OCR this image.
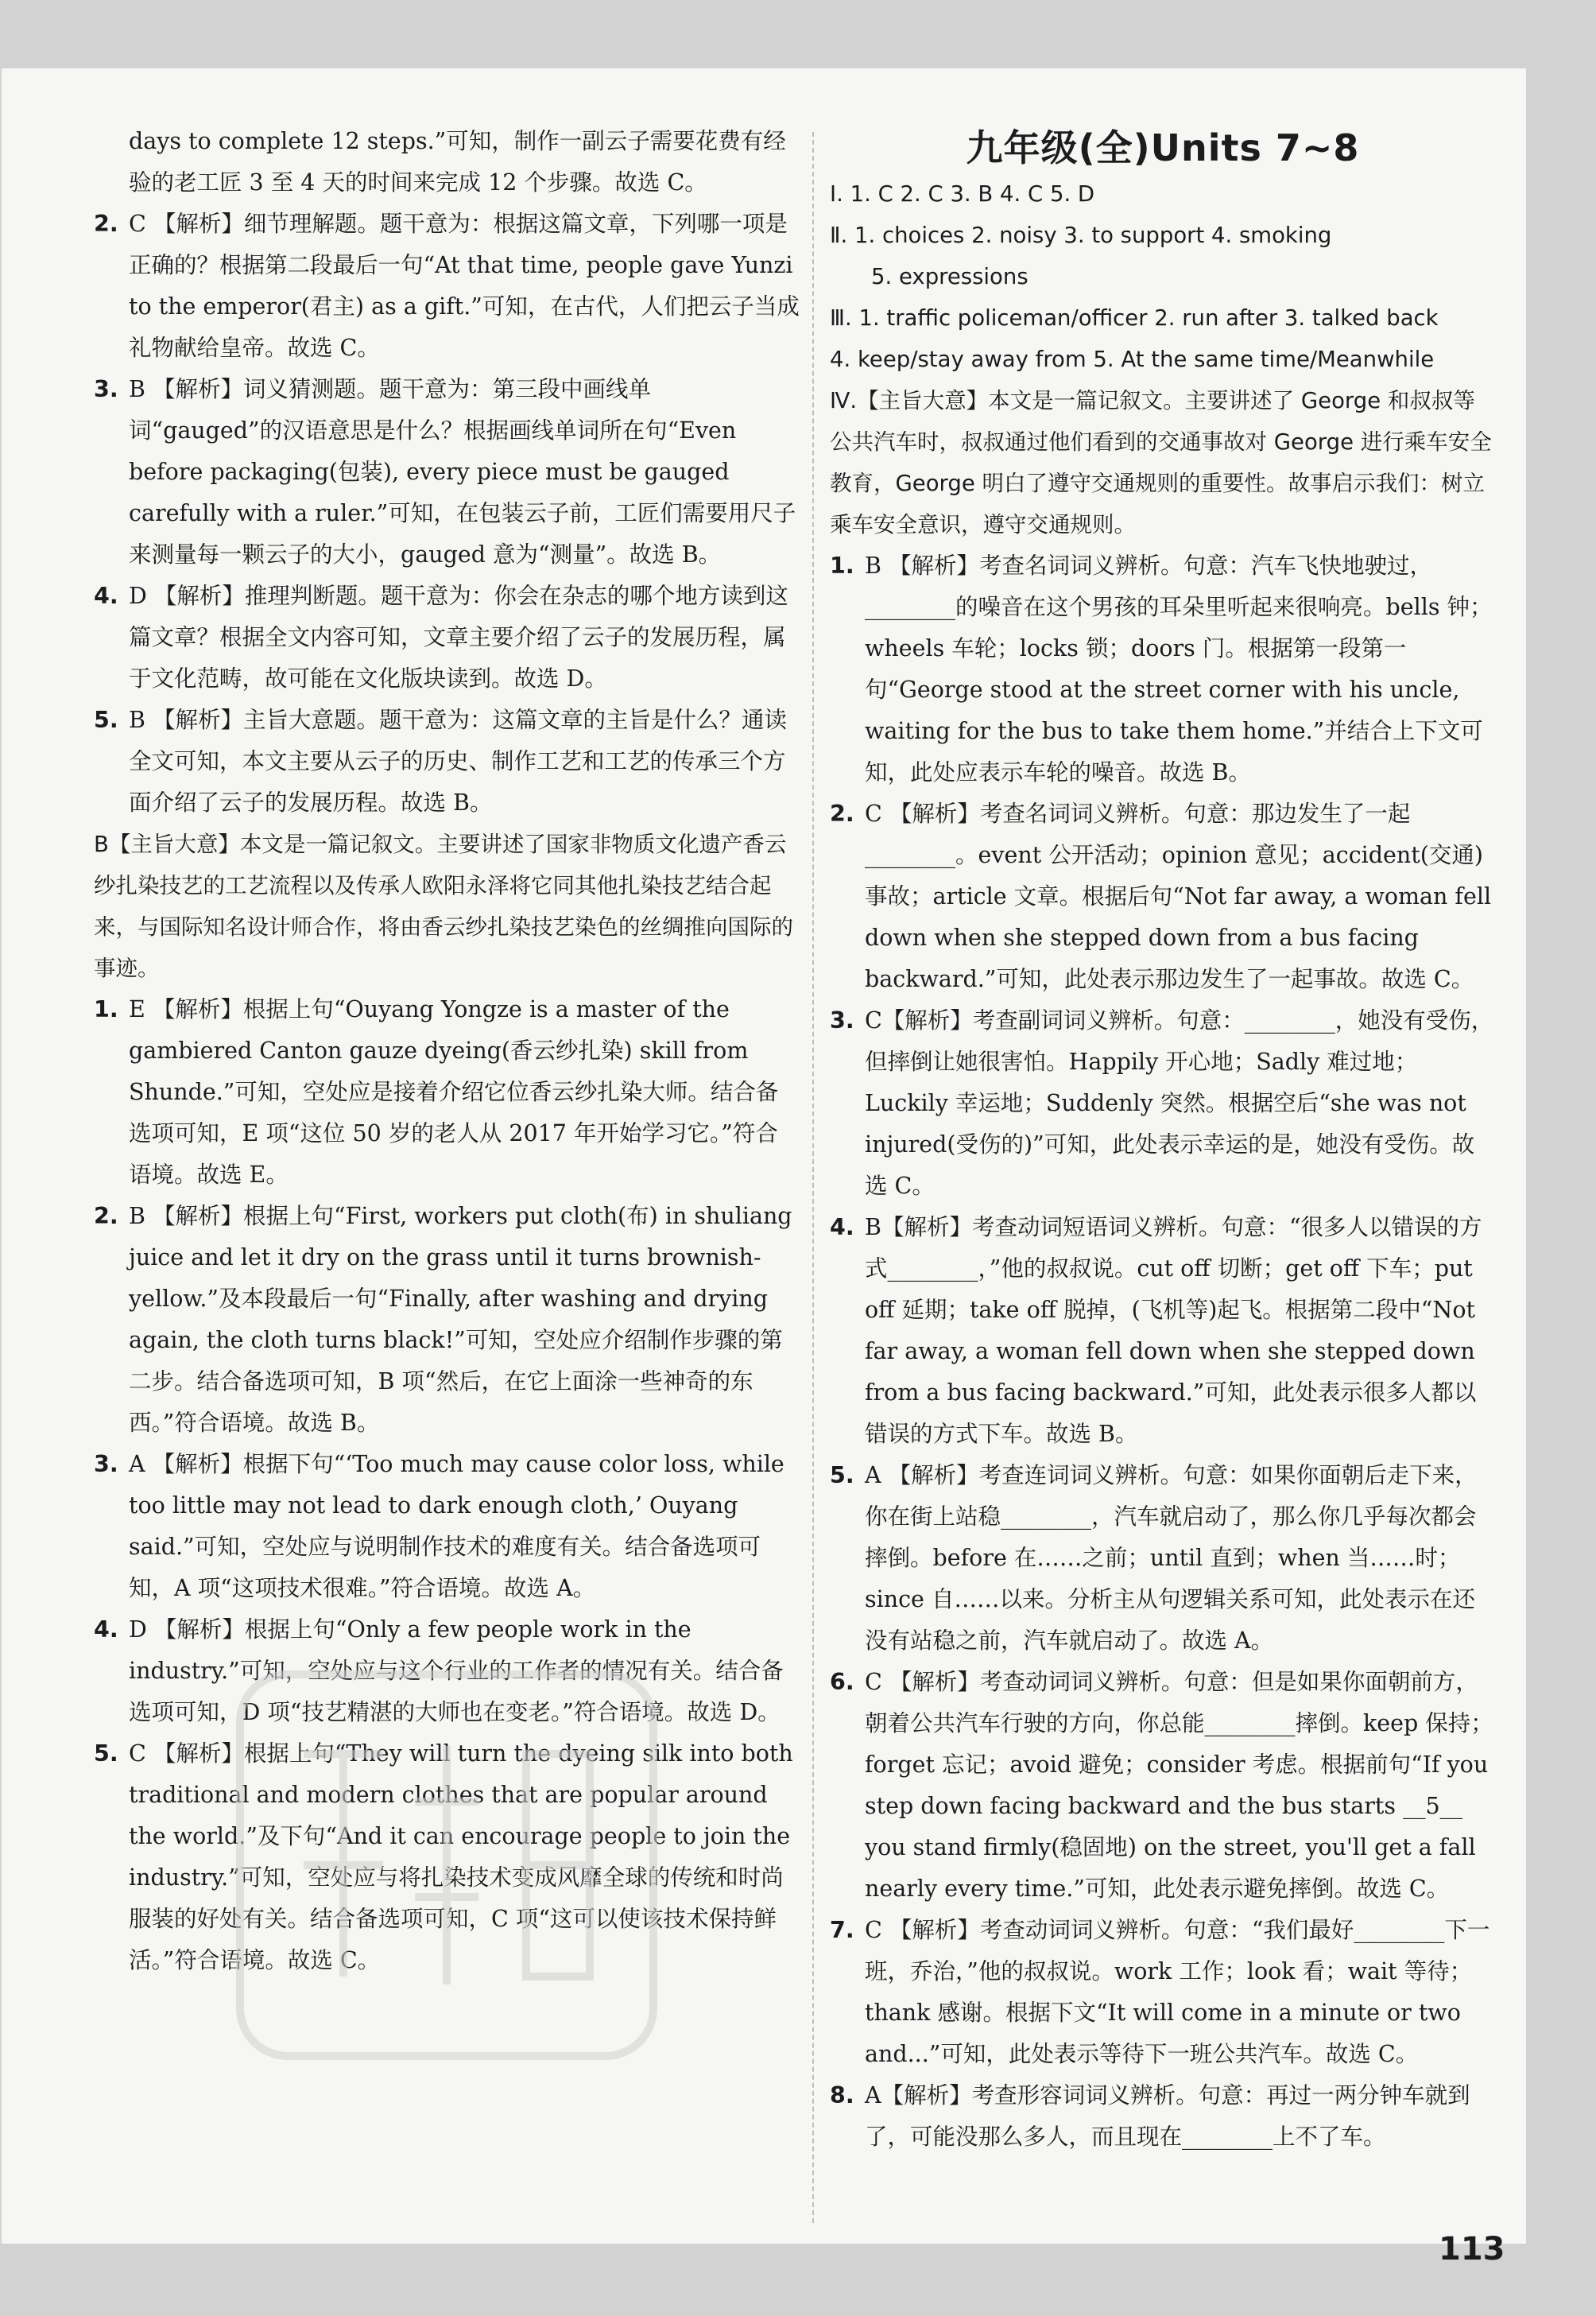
days to complete 12 steps.”可知，制作一副云子需要花费有经验的老工匠 3 至 4 天的时间来完成 12 个步骤。故选 C。

2. C 【解析】细节理解题。题干意为：根据这篇文章，下列哪一项是正确的？根据第二段最后一句“At that time, people gave Yunzi to the emperor(君主) as a gift.”可知，在古代，人们把云子当成礼物献给皇帝。故选 C。

3. B 【解析】词义猜测题。题干意为：第三段中画线单词“gauged”的汉语意思是什么？根据画线单词所在句“Even before packaging(包装), every piece must be gauged carefully with a ruler.”可知，在包装云子前，工匠们需要用尺子来测量每一颗云子的大小，gauged 意为“测量”。故选 B。

4. D 【解析】推理判断题。题干意为：你会在杂志的哪个地方读到这篇文章？根据全文内容可知，文章主要介绍了云子的发展历程，属于文化范畴，故可能在文化版块读到。故选 D。

5. B 【解析】主旨大意题。题干意为：这篇文章的主旨是什么？通读全文可知，本文主要从云子的历史、制作工艺和工艺的传承三个方面介绍了云子的发展历程。故选 B。

B【主旨大意】本文是一篇记叙文。主要讲述了国家非物质文化遗产香云纱扎染技艺的工艺流程以及传承人欧阳永泽将它同其他扎染技艺结合起来，与国际知名设计师合作，将由香云纱扎染技艺染色的丝绸推向国际的事迹。

1. E 【解析】根据上句“Ouyang Yongze is a master of the gambiered Canton gauze dyeing(香云纱扎染) skill from Shunde.”可知，空处应是接着介绍它位香云纱扎染大师。结合备选项可知，E 项“这位 50 岁的老人从 2017 年开始学习它。”符合语境。故选 E。

2. B 【解析】根据上句“First, workers put cloth(布) in shuliang juice and let it dry on the grass until it turns brownish-yellow.”及本段最后一句“Finally, after washing and drying again, the cloth turns black!”可知，空处应介绍制作步骤的第二步。结合备选项可知，B 项“然后，在它上面涂一些神奇的东西。”符合语境。故选 B。

3. A 【解析】根据下句“‘Too much may cause color loss, while too little may not lead to dark enough cloth,’ Ouyang said.”可知，空处应与说明制作技术的难度有关。结合备选项可知，A 项“这项技术很难。”符合语境。故选 A。

4. D 【解析】根据上句“Only a few people work in the industry.”可知，空处应与这个行业的工作者的情况有关。结合备选项可知，D 项“技艺精湛的大师也在变老。”符合语境。故选 D。

5. C 【解析】根据上句“They will turn the dyeing silk into both traditional and modern clothes that are popular around the world.”及下句“And it can encourage people to join the industry.”可知，空处应与将扎染技术变成风靡全球的传统和时尚服装的好处有关。结合备选项可知，C 项“这可以使该技术保持鲜活。”符合语境。故选 C。

九年级(全)Units 7~8

Ⅰ. 1. C 2. C 3. B 4. C 5. D

Ⅱ. 1. choices 2. noisy 3. to support 4. smoking

5. expressions

Ⅲ. 1. traffic policeman/officer 2. run after 3. talked back

4. keep/stay away from 5. At the same time/Meanwhile

Ⅳ.【主旨大意】本文是一篇记叙文。主要讲述了 George 和叔叔等公共汽车时，叔叔通过他们看到的交通事故对 George 进行乘车安全教育，George 明白了遵守交通规则的重要性。故事启示我们：树立乘车安全意识，遵守交通规则。

1. B 【解析】考查名词词义辨析。句意：汽车飞快地驶过，________的噪音在这个男孩的耳朵里听起来很响亮。bells 钟；wheels 车轮；locks 锁；doors 门。根据第一段第一句“George stood at the street corner with his uncle, waiting for the bus to take them home.”并结合上下文可知，此处应表示车轮的噪音。故选 B。

2. C 【解析】考查名词词义辨析。句意：那边发生了一起________。event 公开活动；opinion 意见；accident(交通)事故；article 文章。根据后句“Not far away, a woman fell down when she stepped down from a bus facing backward.”可知，此处表示那边发生了一起事故。故选 C。

3. C【解析】考查副词词义辨析。句意：________，她没有受伤，但摔倒让她很害怕。Happily 开心地；Sadly 难过地；Luckily 幸运地；Suddenly 突然。根据空后“she was not injured(受伤的)”可知，此处表示幸运的是，她没有受伤。故选 C。

4. B【解析】考查动词短语词义辨析。句意：“很多人以错误的方式________，”他的叔叔说。cut off 切断；get off 下车；put off 延期；take off 脱掉，(飞机等)起飞。根据第二段中“Not far away, a woman fell down when she stepped down from a bus facing backward.”可知，此处表示很多人都以错误的方式下车。故选 B。

5. A 【解析】考查连词词义辨析。句意：如果你面朝后走下来，你在街上站稳________，汽车就启动了，那么你几乎每次都会摔倒。before 在……之前；until 直到；when 当……时；since 自……以来。分析主从句逻辑关系可知，此处表示在还没有站稳之前，汽车就启动了。故选 A。

6. C 【解析】考查动词词义辨析。句意：但是如果你面朝前方，朝着公共汽车行驶的方向，你总能________摔倒。keep 保持；forget 忘记；avoid 避免；consider 考虑。根据前句“If you step down facing backward and the bus starts __5__ you stand firmly(稳固地) on the street, you'll get a fall nearly every time.”可知，此处表示避免摔倒。故选 C。

7. C 【解析】考查动词词义辨析。句意：“我们最好________下一班，乔治，”他的叔叔说。work 工作；look 看；wait 等待；thank 感谢。根据下文“It will come in a minute or two and...”可知，此处表示等待下一班公共汽车。故选 C。

8. A【解析】考查形容词词义辨析。句意：再过一两分钟车就到了，可能没那么多人，而且现在________上不了车。

113
